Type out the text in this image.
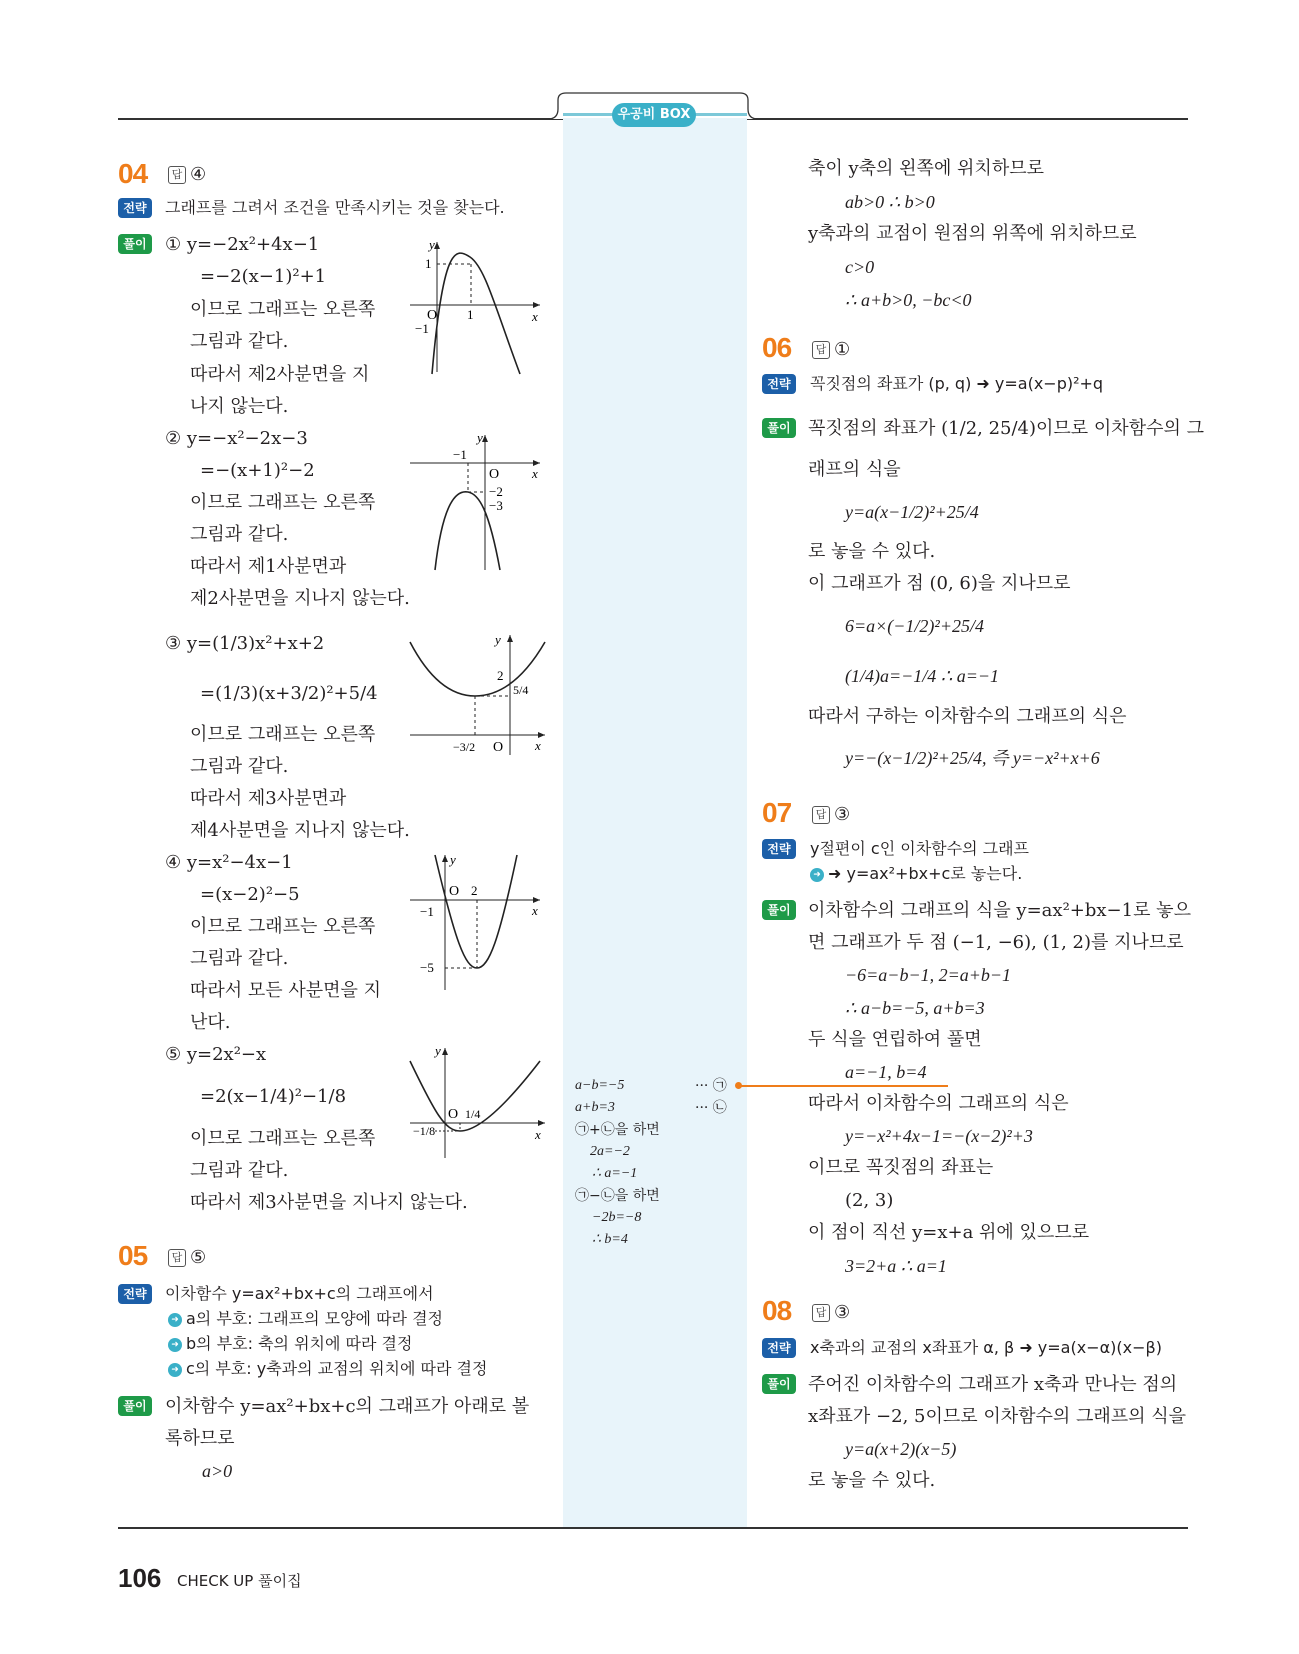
우공비 BOX
04	답 ④
전략	그래프를 그려서 조건을 만족시키는 것을 찾는다.
풀이	① y=−2x²+4x−1
=−2(x−1)²+1
이므로 그래프는 오른쪽
그림과 같다.
따라서 제2사분면을 지
나지 않는다.
y
x
O
1
1
−1
② y=−x²−2x−3
=−(x+1)²−2
이므로 그래프는 오른쪽
그림과 같다.
따라서 제1사분면과
제2사분면을 지나지 않는다.
y
x
O
−1
−2
−3
③ y=(1/3)x²+x+2
=(1/3)(x+3/2)²+5/4
이므로 그래프는 오른쪽
그림과 같다.
따라서 제3사분면과
제4사분면을 지나지 않는다.
y
x
O
2
5/4
−3/2
④ y=x²−4x−1
=(x−2)²−5
이므로 그래프는 오른쪽
그림과 같다.
따라서 모든 사분면을 지
난다.
y
x
O 2
−1
−5
⑤ y=2x²−x
=2(x−1/4)²−1/8
이므로 그래프는 오른쪽
그림과 같다.
따라서 제3사분면을 지나지 않는다.
y
x
O 1/4
−1/8
05	답 ⑤
전략	이차함수 y=ax²+bx+c의 그래프에서
➜ a의 부호: 그래프의 모양에 따라 결정
➜ b의 부호: 축의 위치에 따라 결정
➜ c의 부호: y축과의 교점의 위치에 따라 결정
풀이	이차함수 y=ax²+bx+c의 그래프가 아래로 볼
록하므로
a>0
a−b=−5	··· ㉠
a+b=3	··· ㉡
㉠+㉡을 하면
2a=−2
∴ a=−1
㉠−㉡을 하면
−2b=−8
∴ b=4
축이 y축의 왼쪽에 위치하므로
ab>0 ∴ b>0
y축과의 교점이 원점의 위쪽에 위치하므로
c>0
∴ a+b>0, −bc<0
06	답 ①
전략	꼭짓점의 좌표가 (p, q) ➜ y=a(x−p)²+q
풀이 꼭짓점의 좌표가 (1/2, 25/4)이므로 이차함수의 그
래프의 식을
y=a(x−1/2)²+25/4
로 놓을 수 있다.
이 그래프가 점 (0, 6)을 지나므로
6=a×(−1/2)²+25/4
(1/4)a=−1/4 ∴ a=−1
따라서 구하는 이차함수의 그래프의 식은
y=−(x−1/2)²+25/4, 즉 y=−x²+x+6
07	답 ③
전략	y절편이 c인 이차함수의 그래프
➜ ➜ y=ax²+bx+c로 놓는다.
풀이 이차함수의 그래프의 식을 y=ax²+bx−1로 놓으
면 그래프가 두 점 (−1, −6), (1, 2)를 지나므로
−6=a−b−1, 2=a+b−1
∴ a−b=−5, a+b=3
두 식을 연립하여 풀면
a=−1, b=4
따라서 이차함수의 그래프의 식은
y=−x²+4x−1=−(x−2)²+3
이므로 꼭짓점의 좌표는
(2, 3)
이 점이 직선 y=x+a 위에 있으므로
3=2+a ∴ a=1
08	답 ③
전략	x축과의 교점의 x좌표가 α, β ➜ y=a(x−α)(x−β)
풀이 주어진 이차함수의 그래프가 x축과 만나는 점의
x좌표가 −2, 5이므로 이차함수의 그래프의 식을
y=a(x+2)(x−5)
로 놓을 수 있다.
106 CHECK UP 풀이집
